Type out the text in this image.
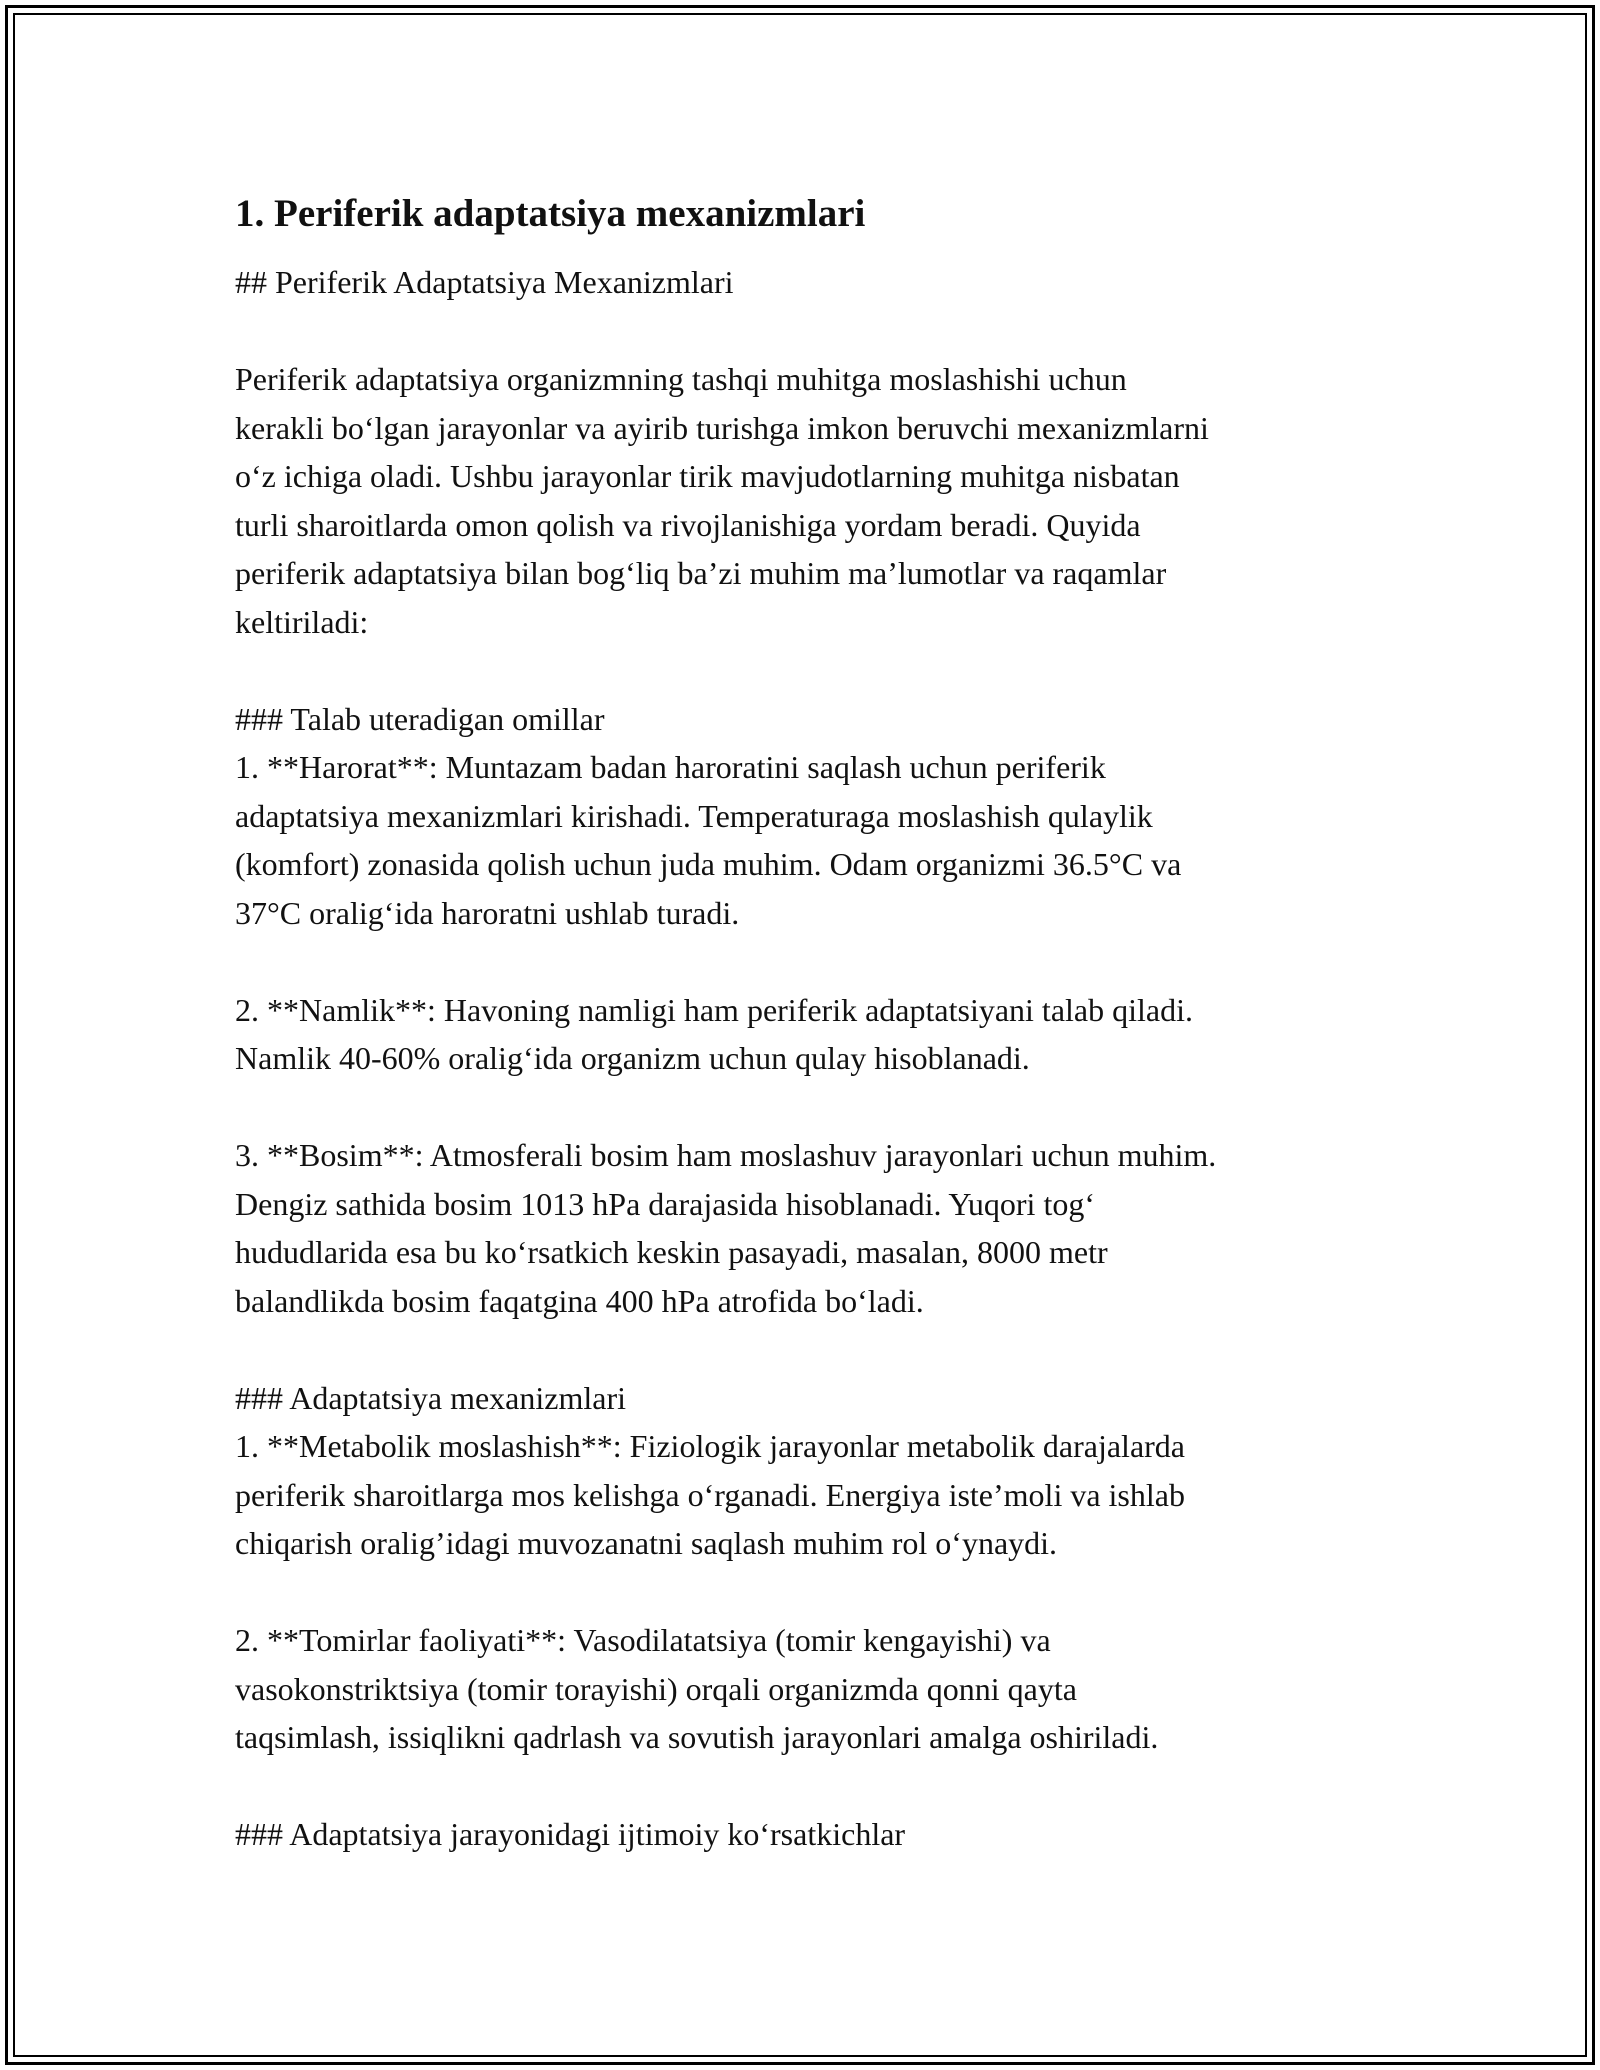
1. Periferik adaptatsiya mexanizmlari
## Periferik Adaptatsiya Mexanizmlari
Periferik adaptatsiya organizmning tashqi muhitga moslashishi uchun
kerakli bo‘lgan jarayonlar va ayirib turishga imkon beruvchi mexanizmlarni
o‘z ichiga oladi. Ushbu jarayonlar tirik mavjudotlarning muhitga nisbatan
turli sharoitlarda omon qolish va rivojlanishiga yordam beradi. Quyida
periferik adaptatsiya bilan bog‘liq ba’zi muhim ma’lumotlar va raqamlar
keltiriladi:
### Talab uteradigan omillar
1. **Harorat**: Muntazam badan haroratini saqlash uchun periferik
adaptatsiya mexanizmlari kirishadi. Temperaturaga moslashish qulaylik
(komfort) zonasida qolish uchun juda muhim. Odam organizmi 36.5°C va
37°C oralig‘ida haroratni ushlab turadi.
2. **Namlik**: Havoning namligi ham periferik adaptatsiyani talab qiladi.
Namlik 40-60% oralig‘ida organizm uchun qulay hisoblanadi.
3. **Bosim**: Atmosferali bosim ham moslashuv jarayonlari uchun muhim.
Dengiz sathida bosim 1013 hPa darajasida hisoblanadi. Yuqori tog‘
hududlarida esa bu ko‘rsatkich keskin pasayadi, masalan, 8000 metr
balandlikda bosim faqatgina 400 hPa atrofida bo‘ladi.
### Adaptatsiya mexanizmlari
1. **Metabolik moslashish**: Fiziologik jarayonlar metabolik darajalarda
periferik sharoitlarga mos kelishga o‘rganadi. Energiya iste’moli va ishlab
chiqarish oralig’idagi muvozanatni saqlash muhim rol o‘ynaydi.
2. **Tomirlar faoliyati**: Vasodilatatsiya (tomir kengayishi) va
vasokonstriktsiya (tomir torayishi) orqali organizmda qonni qayta
taqsimlash, issiqlikni qadrlash va sovutish jarayonlari amalga oshiriladi.
### Adaptatsiya jarayonidagi ijtimoiy ko‘rsatkichlar
